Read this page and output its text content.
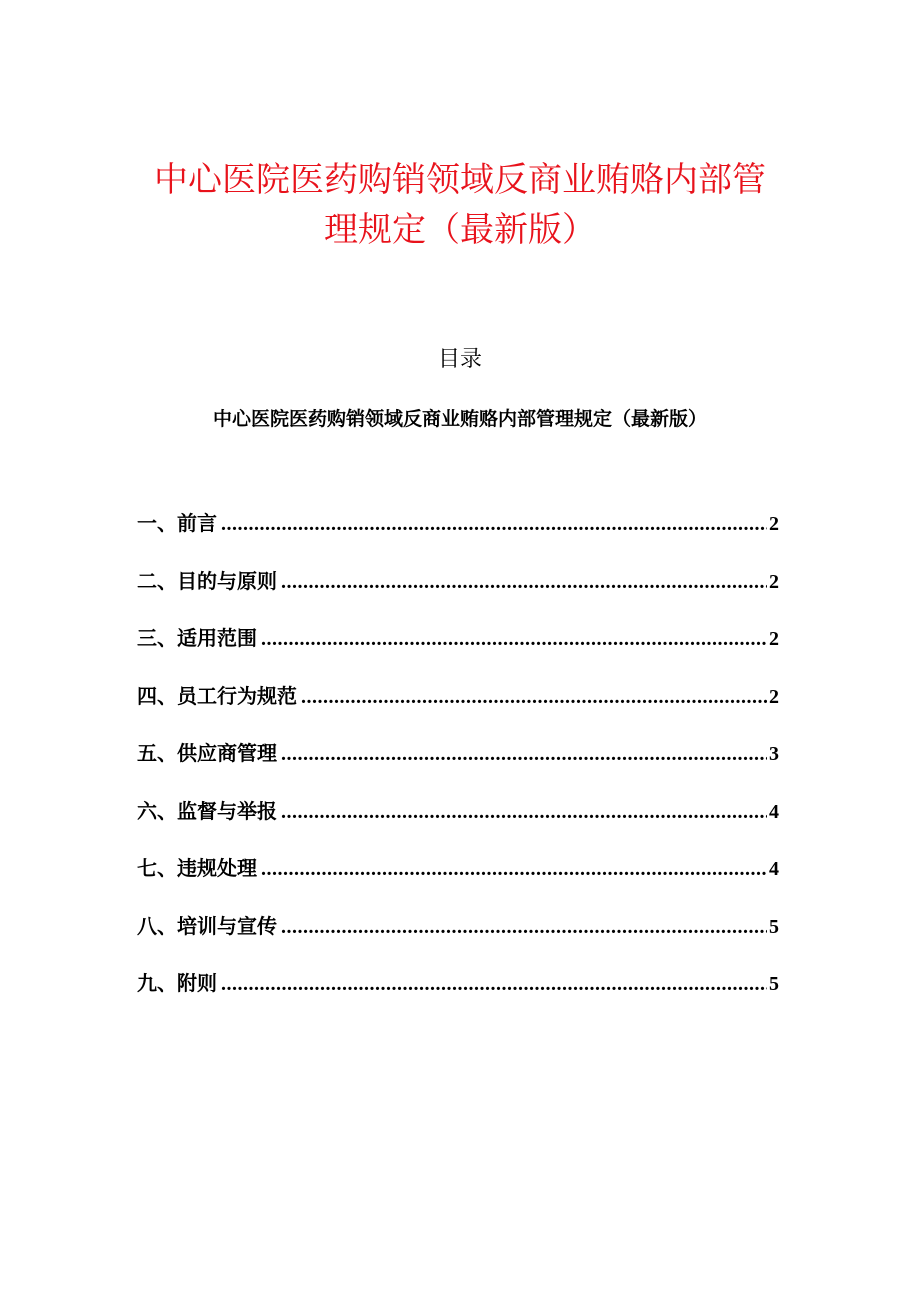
中心医院医药购销领域反商业贿赂内部管理规定（最新版）
目录
中心医院医药购销领域反商业贿赂内部管理规定（最新版）
一、前言 .....	2
二、目的与原则 .....	2
三、适用范围 .....	2
四、员工行为规范 .....	2
五、供应商管理 .....	3
六、监督与举报 .....	4
七、违规处理 .....	4
八、培训与宣传 .....	5
九、附则 .....	5
